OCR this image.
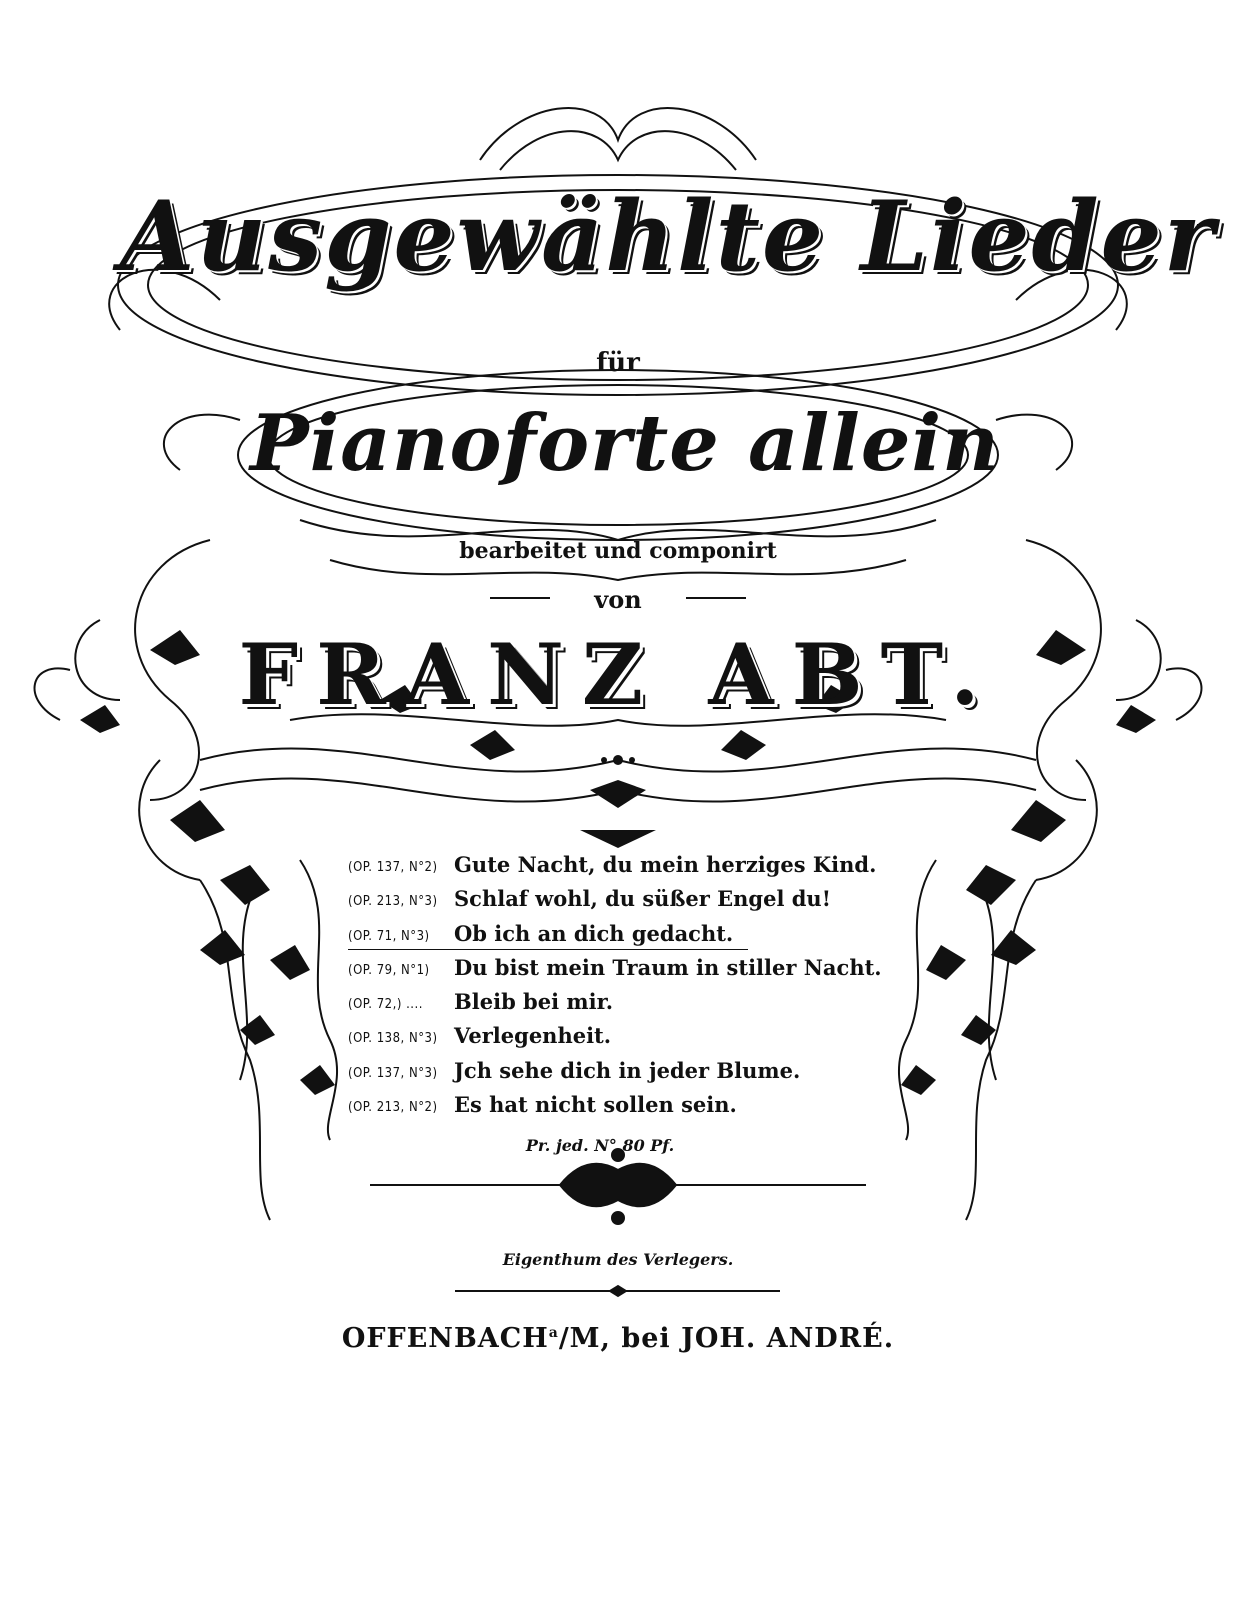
Ausgewählte Lieder
für
Pianoforte allein
bearbeitet und componirt
von
FRANZ ABT.
(OP. 137, N°2) Gute Nacht, du mein herziges Kind.
(OP. 213, N°3) Schlaf wohl, du süßer Engel du!
(OP. 71, N°3) Ob ich an dich gedacht.
(OP. 79, N°1) Du bist mein Traum in stiller Nacht.
(OP. 72,) .... Bleib bei mir.
(OP. 138, N°3) Verlegenheit.
(OP. 137, N°3) Jch sehe dich in jeder Blume.
(OP. 213, N°2) Es hat nicht sollen sein.
Pr. jed. N° 80 Pf.
Eigenthum des Verlegers.
OFFENBACH$^a$/M, bei JOH. ANDRÉ.
